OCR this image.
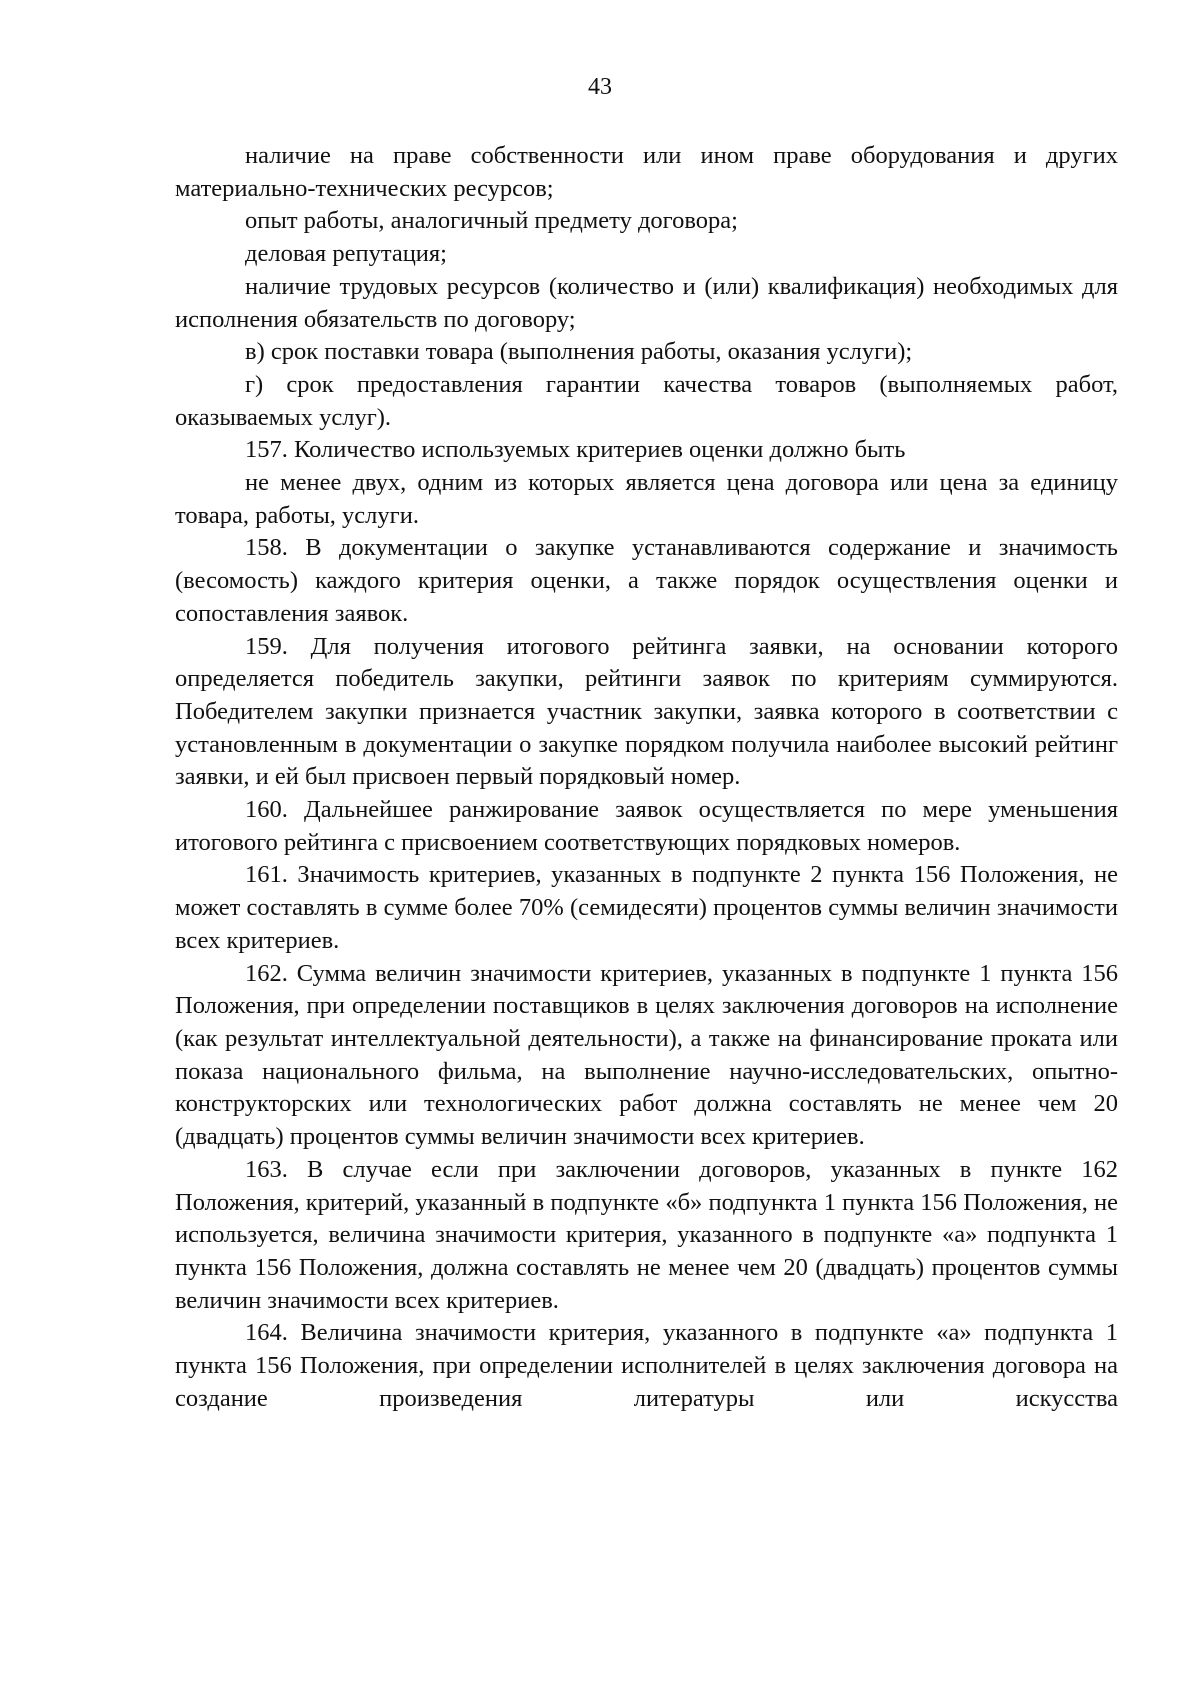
43

наличие на праве собственности или ином праве оборудования и других материально-технических ресурсов;

опыт работы, аналогичный предмету договора;

деловая репутация;

наличие трудовых ресурсов (количество и (или) квалификация) необходимых для исполнения обязательств по договору;

в) срок поставки товара (выполнения работы, оказания услуги);

г) срок предоставления гарантии качества товаров (выполняемых работ, оказываемых услуг).

157. Количество используемых критериев оценки должно быть

не менее двух, одним из которых является цена договора или цена за единицу товара, работы, услуги.

158. В документации о закупке устанавливаются содержание и значимость (весомость) каждого критерия оценки, а также порядок осуществления оценки и сопоставления заявок.

159. Для получения итогового рейтинга заявки, на основании которого определяется победитель закупки, рейтинги заявок по критериям суммируются. Победителем закупки признается участник закупки, заявка которого в соответствии с установленным в документации о закупке порядком получила наиболее высокий рейтинг заявки, и ей был присвоен первый порядковый номер.

160. Дальнейшее ранжирование заявок осуществляется по мере уменьшения итогового рейтинга с присвоением соответствующих порядковых номеров.

161. Значимость критериев, указанных в подпункте 2 пункта 156 Положения, не может составлять в сумме более 70% (семидесяти) процентов суммы величин значимости всех критериев.

162. Сумма величин значимости критериев, указанных в подпункте 1 пункта 156 Положения, при определении поставщиков в целях заключения договоров на исполнение (как результат интеллектуальной деятельности), а также на финансирование проката или показа национального фильма, на выполнение научно-исследовательских, опытно-конструкторских или технологических работ должна составлять не менее чем 20 (двадцать) процентов суммы величин значимости всех критериев.

163. В случае если при заключении договоров, указанных в пункте 162 Положения, критерий, указанный в подпункте «б» подпункта 1 пункта 156 Положения, не используется, величина значимости критерия, указанного в подпункте «а» подпункта 1 пункта 156 Положения, должна составлять не менее чем 20 (двадцать) процентов суммы величин значимости всех критериев.

164. Величина значимости критерия, указанного в подпункте «а» подпункта 1 пункта 156 Положения, при определении исполнителей в целях заключения договора на создание произведения литературы или искусства
